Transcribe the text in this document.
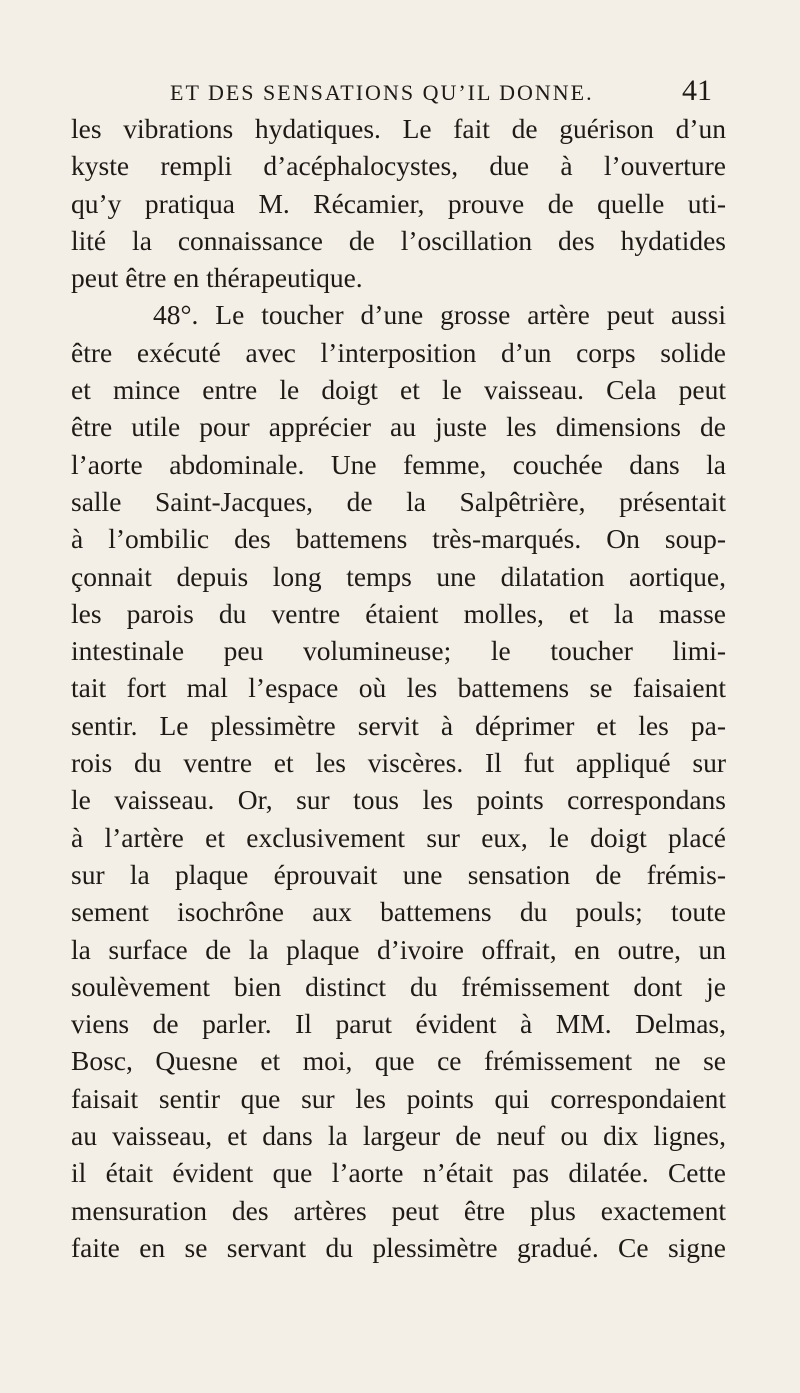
ET DES SENSATIONS QU’IL DONNE.	41
les vibrations hydatiques. Le fait de guérison d’un
kyste rempli d’acéphalocystes, due à l’ouverture
qu’y pratiqua M. Récamier, prouve de quelle uti-
lité la connaissance de l’oscillation des hydatides
peut être en thérapeutique.
48°. Le toucher d’une grosse artère peut aussi
être exécuté avec l’interposition d’un corps solide
et mince entre le doigt et le vaisseau. Cela peut
être utile pour apprécier au juste les dimensions de
l’aorte abdominale. Une femme, couchée dans la
salle Saint-Jacques, de la Salpêtrière, présentait
à l’ombilic des battemens très-marqués. On soup-
çonnait depuis long temps une dilatation aortique,
les parois du ventre étaient molles, et la masse
intestinale peu volumineuse; le toucher limi-
tait fort mal l’espace où les battemens se faisaient
sentir. Le plessimètre servit à déprimer et les pa-
rois du ventre et les viscères. Il fut appliqué sur
le vaisseau. Or, sur tous les points correspondans
à l’artère et exclusivement sur eux, le doigt placé
sur la plaque éprouvait une sensation de frémis-
sement isochrône aux battemens du pouls; toute
la surface de la plaque d’ivoire offrait, en outre, un
soulèvement bien distinct du frémissement dont je
viens de parler. Il parut évident à MM. Delmas,
Bosc, Quesne et moi, que ce frémissement ne se
faisait sentir que sur les points qui correspondaient
au vaisseau, et dans la largeur de neuf ou dix lignes,
il était évident que l’aorte n’était pas dilatée. Cette
mensuration des artères peut être plus exactement
faite en se servant du plessimètre gradué. Ce signe
